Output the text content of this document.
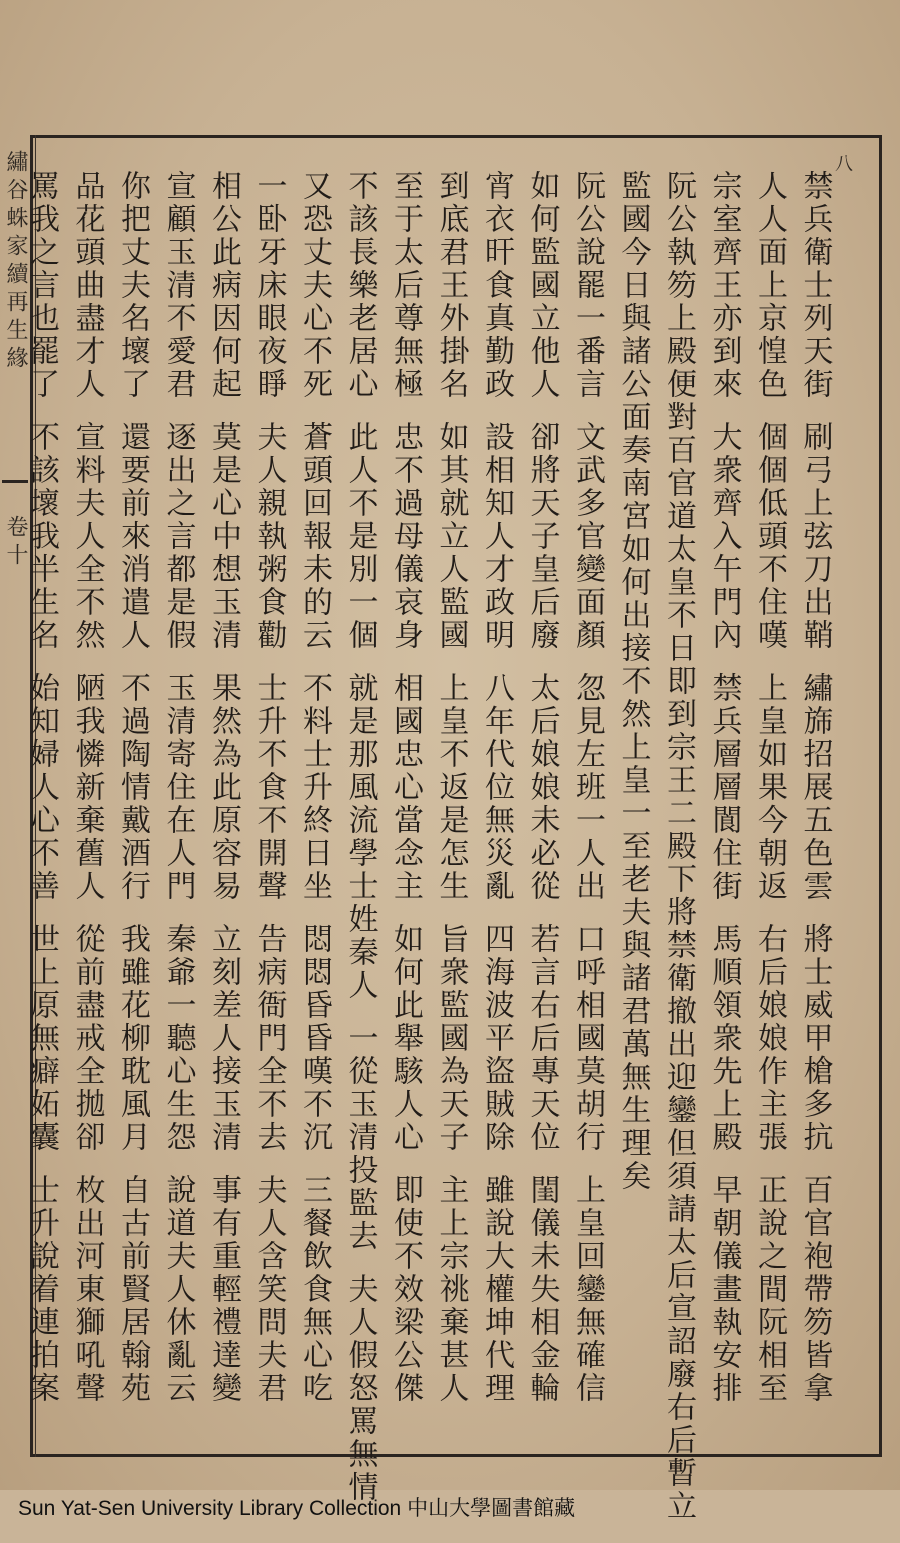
繡谷蛛家續再生緣
卷十
八
禁兵衛士列天街刷弓上弦刀出鞘繡旆招展五色雲將士威甲槍多抗百官袍帶笏皆拿
人人面上京惶色個個低頭不住嘆上皇如果今朝返右后娘娘作主張正說之間阮相至
宗室齊王亦到來大衆齊入午門內禁兵層層閬住街馬順領衆先上殿早朝儀畫執安排
阮公執笏上殿便對百官道太皇不日即到宗王二殿下將禁衛撤出迎鑾但須請太后宣詔廢右后暫立
監國今日與諸公面奏南宮如何出接不然上皇一至老夫與諸君萬無生理矣
阮公說罷一番言文武多官變面顏忽見左班一人出口呼相國莫胡行上皇回鑾無確信
如何監國立他人卻將天子皇后廢太后娘娘未必從若言右后專天位閨儀未失相金輪
宵衣旰食真勤政設相知人才政明八年代位無災亂四海波平盜賊除雖說大權坤代理
到底君王外掛名如其就立人監國上皇不返是怎生旨衆監國為天子主上宗祧棄甚人
至于太后尊無極忠不過母儀哀身相國忠心當念主如何此舉駭人心即使不效梁公傑
不該長樂老居心此人不是別一個就是那風流學士姓秦人一從玉清投監去夫人假怒罵無情
又恐丈夫心不死蒼頭回報未的云不料士升終日坐悶悶昏昏嘆不沉三餐飲食無心吃
一卧牙床眼夜睜夫人親執粥食勸士升不食不開聲告病衙門全不去夫人含笑問夫君
相公此病因何起莫是心中想玉清果然為此原容易立刻差人接玉清事有重輕禮達變
宣顧玉清不愛君逐出之言都是假玉清寄住在人門秦爺一聽心生怨說道夫人休亂云
你把丈夫名壞了還要前來消遣人不過陶情戴酒行我雖花柳耽風月自古前賢居翰苑
品花頭曲盡才人宣料夫人全不然陋我憐新棄舊人從前盡戒全拋卻枚出河東獅吼聲
罵我之言也罷了不該壞我半生名始知婦人心不善世上原無癖妬囊士升說着連拍案
Sun Yat-Sen University Library Collection 中山大學圖書館藏
